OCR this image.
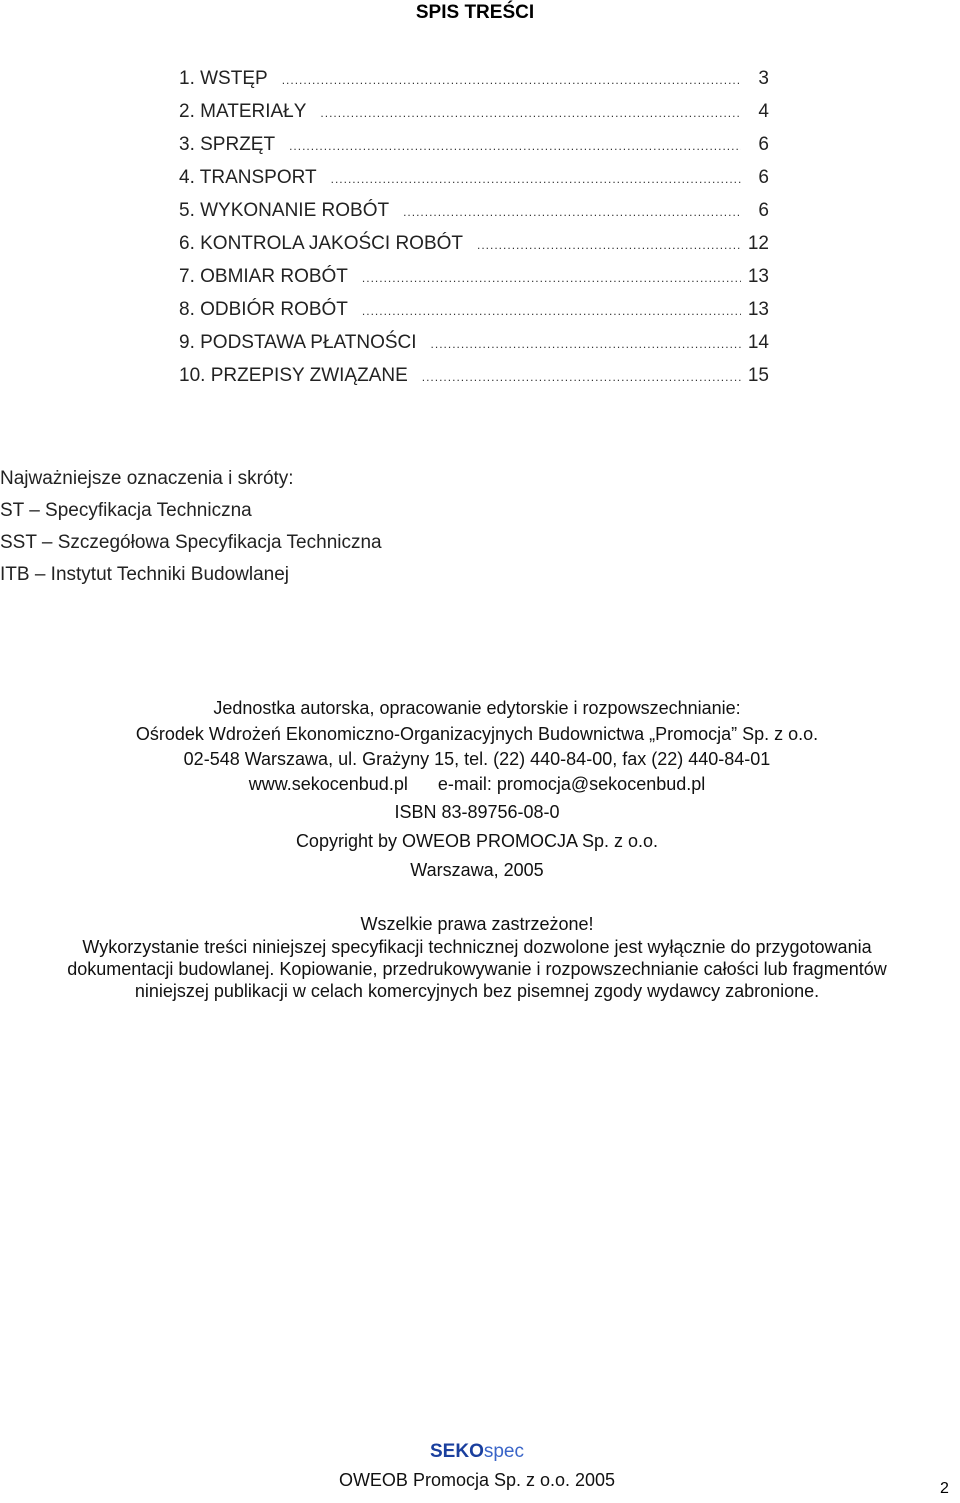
SPIS TREŚCI
1. WSTĘP .....	3
2. MATERIAŁY .....	4
3. SPRZĘT .....	6
4. TRANSPORT .....	6
5. WYKONANIE ROBÓT .....	6
6. KONTROLA JAKOŚCI ROBÓT .....	12
7. OBMIAR ROBÓT .....	13
8. ODBIÓR ROBÓT .....	13
9. PODSTAWA PŁATNOŚCI .....	14
10. PRZEPISY ZWIĄZANE .....	15
Najważniejsze oznaczenia i skróty:
ST – Specyfikacja Techniczna
SST – Szczegółowa Specyfikacja Techniczna
ITB – Instytut Techniki Budowlanej
Jednostka autorska, opracowanie edytorskie i rozpowszechnianie:
Ośrodek Wdrożeń Ekonomiczno-Organizacyjnych Budownictwa „Promocja” Sp. z o.o.
02-548 Warszawa, ul. Grażyny 15, tel. (22) 440-84-00, fax (22) 440-84-01
www.sekocenbud.pl e-mail: promocja@sekocenbud.pl
ISBN 83-89756-08-0
Copyright by OWEOB PROMOCJA Sp. z o.o.
Warszawa, 2005
Wszelkie prawa zastrzeżone!
Wykorzystanie treści niniejszej specyfikacji technicznej dozwolone jest wyłącznie do przygotowania
dokumentacji budowlanej. Kopiowanie, przedrukowywanie i rozpowszechnianie całości lub fragmentów
niniejszej publikacji w celach komercyjnych bez pisemnej zgody wydawcy zabronione.
SEKOspec
OWEOB Promocja Sp. z o.o. 2005	2
